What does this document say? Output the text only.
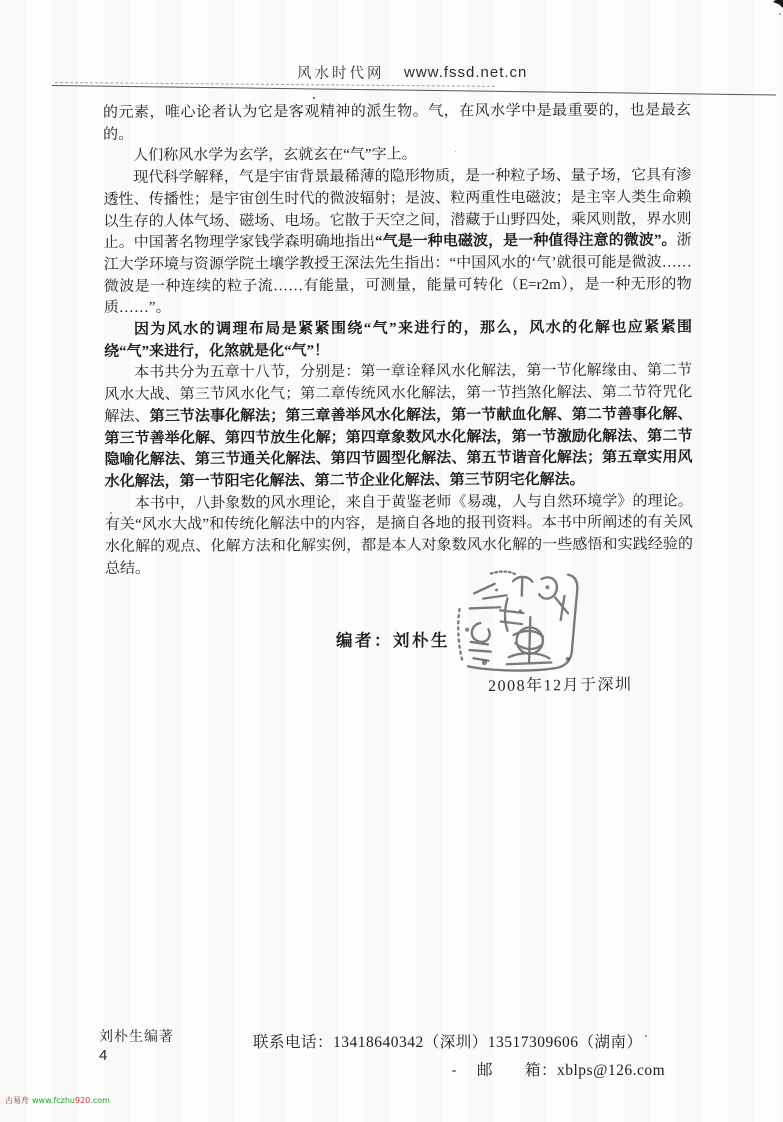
风水时代网 www.fssd.net.cn

的元素，唯心论者认为它是客观精神的派生物。气，在风水学中是最重要的，也是最玄的。

人们称风水学为玄学，玄就玄在“气”字上。

现代科学解释，气是宇宙背景最稀薄的隐形物质，是一种粒子场、量子场，它具有渗透性、传播性；是宇宙创生时代的微波辐射；是波、粒两重性电磁波；是主宰人类生命赖以生存的人体气场、磁场、电场。它散于天空之间，潜藏于山野四处，乘风则散，界水则止。中国著名物理学家钱学森明确地指出“气是一种电磁波，是一种值得注意的微波”。浙江大学环境与资源学院土壤学教授王深法先生指出：“中国风水的‘气’就很可能是微波……微波是一种连续的粒子流……有能量，可测量，能量可转化（E=r2m），是一种无形的物质……”。

因为风水的调理布局是紧紧围绕“气”来进行的，那么，风水的化解也应紧紧围绕“气”来进行，化煞就是化“气”！

本书共分为五章十八节，分别是：第一章诠释风水化解法，第一节化解缘由、第二节风水大战、第三节风水化气；第二章传统风水化解法，第一节挡煞化解法、第二节符咒化解法、第三节法事化解法；第三章善举风水化解法，第一节献血化解、第二节善事化解、第三节善举化解、第四节放生化解；第四章象数风水化解法，第一节激励化解法、第二节隐喻化解法、第三节通关化解法、第四节圆型化解法、第五节谐音化解法；第五章实用风水化解法，第一节阳宅化解法、第二节企业化解法、第三节阴宅化解法。

本书中，八卦象数的风水理论，来自于黄鉴老师《易魂，人与自然环境学》的理论。有关“风水大战”和传统化解法中的内容，是摘自各地的报刊资料。本书中所阐述的有关风水化解的观点、化解方法和化解实例，都是本人对象数风水化解的一些感悟和实践经验的总结。

编者：刘朴生
2008年12月于深圳
刘朴生编著
4
联系电话：13418640342（深圳）13517309606（湖南）
邮　　箱：xblps@126.com
古易舟 www.fczhu920.com
